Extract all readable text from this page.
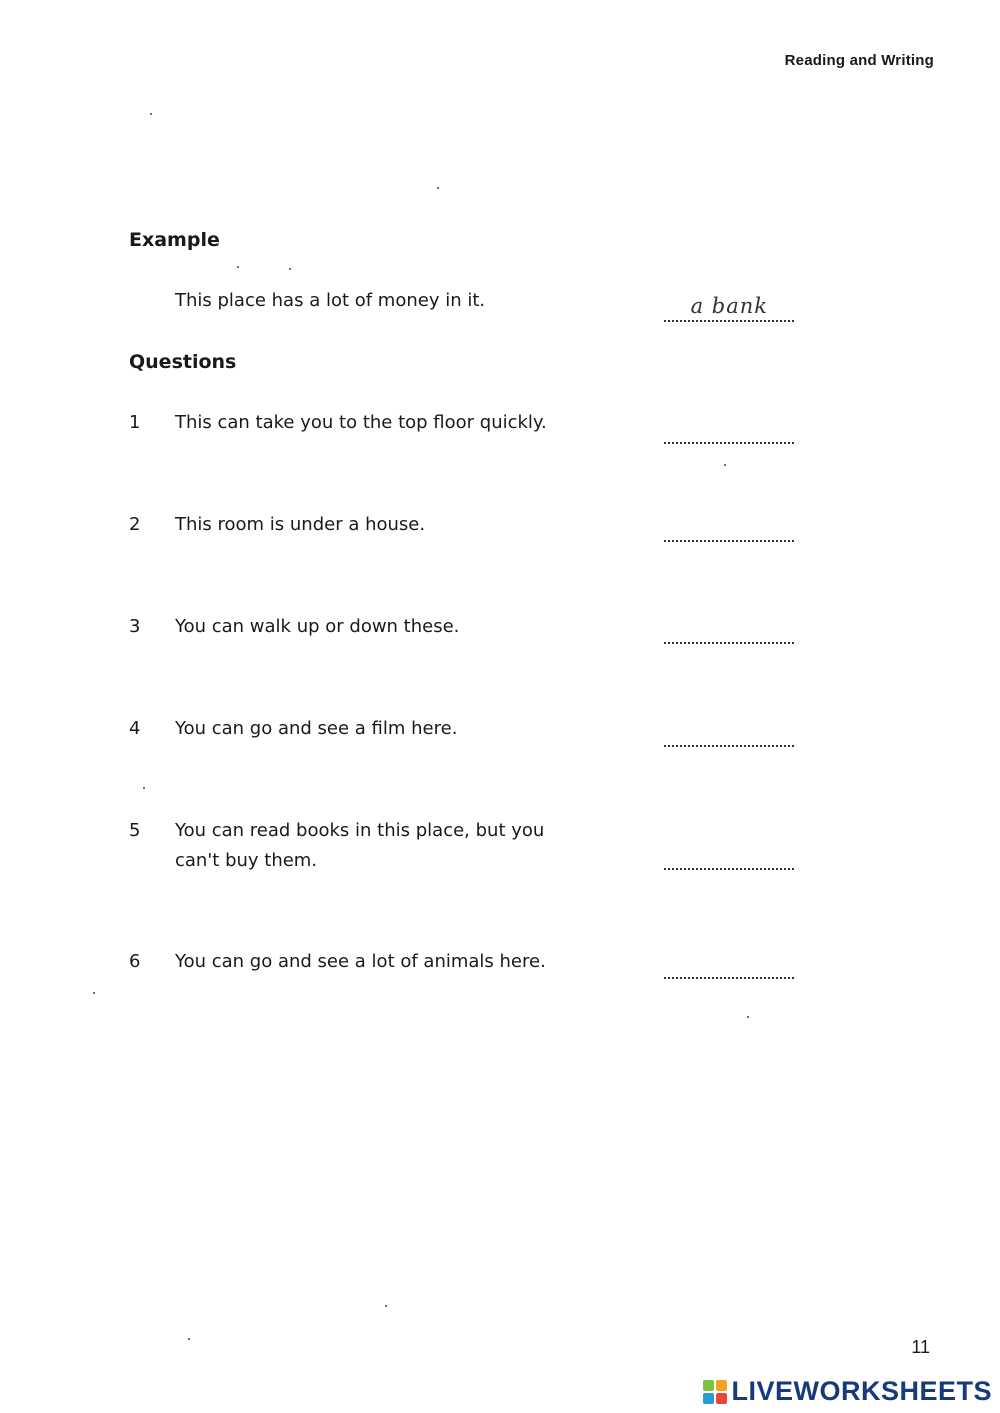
Reading and Writing
Example
This place has a lot of money in it.	a bank
Questions
1	This can take you to the top floor quickly.
2	This room is under a house.
3	You can walk up or down these.
4	You can go and see a film here.
5	You can read books in this place, but you can't buy them.
6	You can go and see a lot of animals here.
11
LIVEWORKSHEETS
